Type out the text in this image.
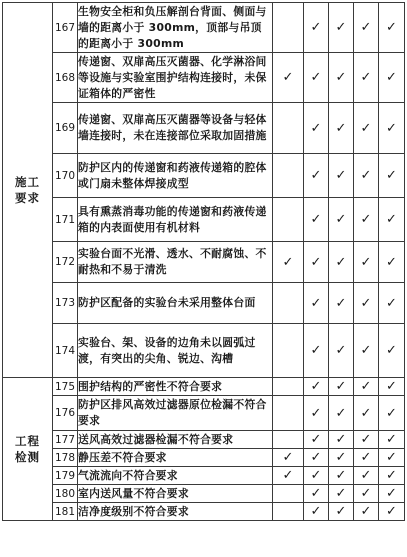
施工
要求	167	生物安全柜和负压解剖台背面、侧面与墙的距离小于 300mm，顶部与吊顶的距离小于 300mm		✓	✓	✓	✓
	168	传递窗、双扉高压灭菌器、化学淋浴间等设施与实验室围护结构连接时，未保证箱体的严密性	✓	✓	✓	✓	✓
	169	传递窗、双扉高压灭菌器等设备与轻体墙连接时，未在连接部位采取加固措施		✓	✓	✓	✓
	170	防护区内的传递窗和药液传递箱的腔体或门扇未整体焊接成型		✓	✓	✓	✓
	171	具有熏蒸消毒功能的传递窗和药液传递箱的内表面使用有机材料		✓	✓	✓	✓
	172	实验台面不光滑、透水、不耐腐蚀、不耐热和不易于清洗	✓	✓	✓	✓	✓
	173	防护区配备的实验台未采用整体台面		✓	✓	✓	✓
	174	实验台、架、设备的边角未以圆弧过渡，有突出的尖角、锐边、沟槽		✓	✓	✓	✓

工程
检测	175	围护结构的严密性不符合要求		✓	✓	✓	✓
	176	防护区排风高效过滤器原位检漏不符合要求		✓	✓	✓	✓
	177	送风高效过滤器检漏不符合要求		✓	✓	✓	✓
	178	静压差不符合要求	✓	✓	✓	✓	✓
	179	气流流向不符合要求	✓	✓	✓	✓	✓
	180	室内送风量不符合要求		✓	✓	✓	✓
	181	洁净度级别不符合要求		✓	✓	✓	✓
